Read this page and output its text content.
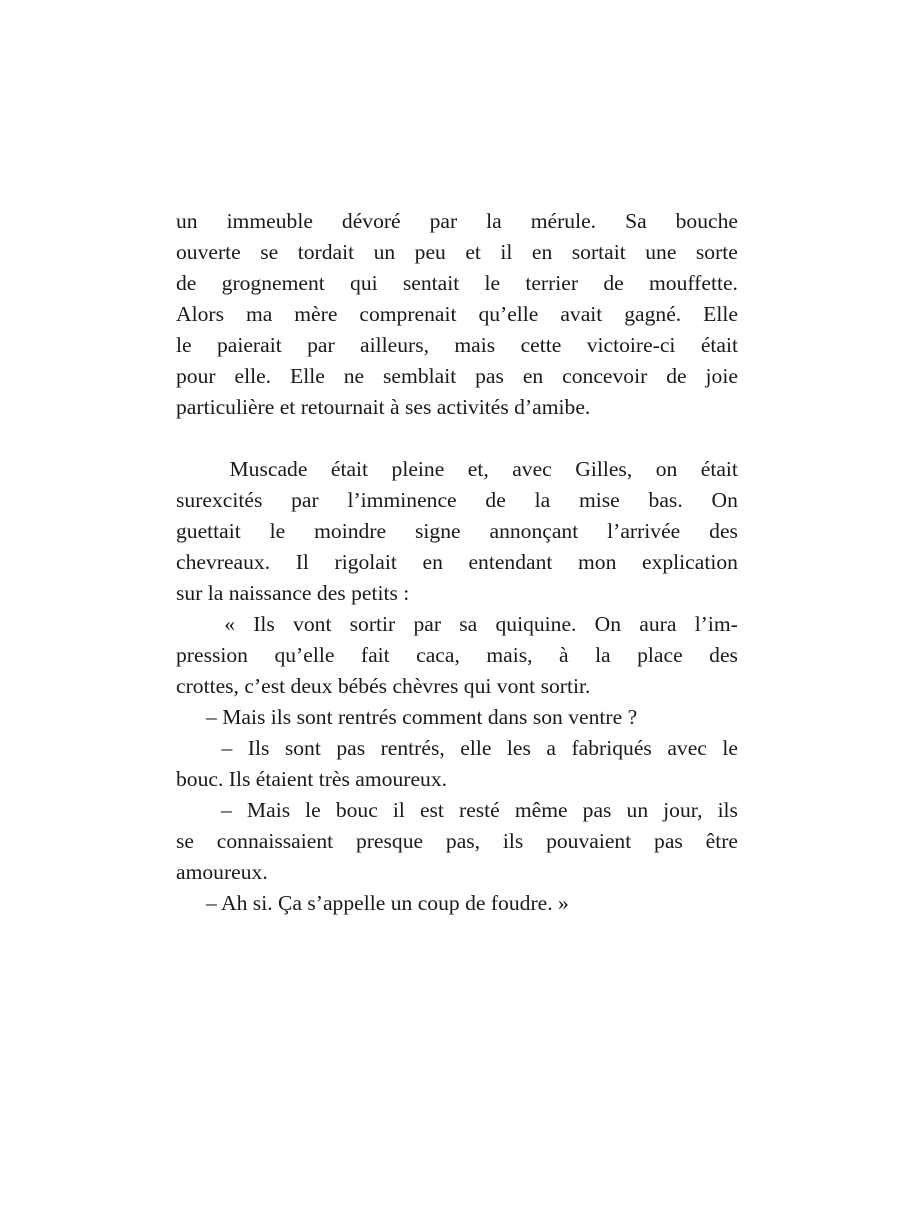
un immeuble dévoré par la mérule. Sa bouche
ouverte se tordait un peu et il en sortait une sorte
de grognement qui sentait le terrier de mouffette.
Alors ma mère comprenait qu’elle avait gagné. Elle
le paierait par ailleurs, mais cette victoire-ci était
pour elle. Elle ne semblait pas en concevoir de joie
particulière et retournait à ses activités d’amibe.
Muscade était pleine et, avec Gilles, on était
surexcités par l’imminence de la mise bas. On
guettait le moindre signe annonçant l’arrivée des
chevreaux. Il rigolait en entendant mon explication
sur la naissance des petits :
« Ils vont sortir par sa quiquine. On aura l’im-
pression qu’elle fait caca, mais, à la place des
crottes, c’est deux bébés chèvres qui vont sortir.
– Mais ils sont rentrés comment dans son ventre ?
– Ils sont pas rentrés, elle les a fabriqués avec le
bouc. Ils étaient très amoureux.
– Mais le bouc il est resté même pas un jour, ils
se connaissaient presque pas, ils pouvaient pas être
amoureux.
– Ah si. Ça s’appelle un coup de foudre. »
